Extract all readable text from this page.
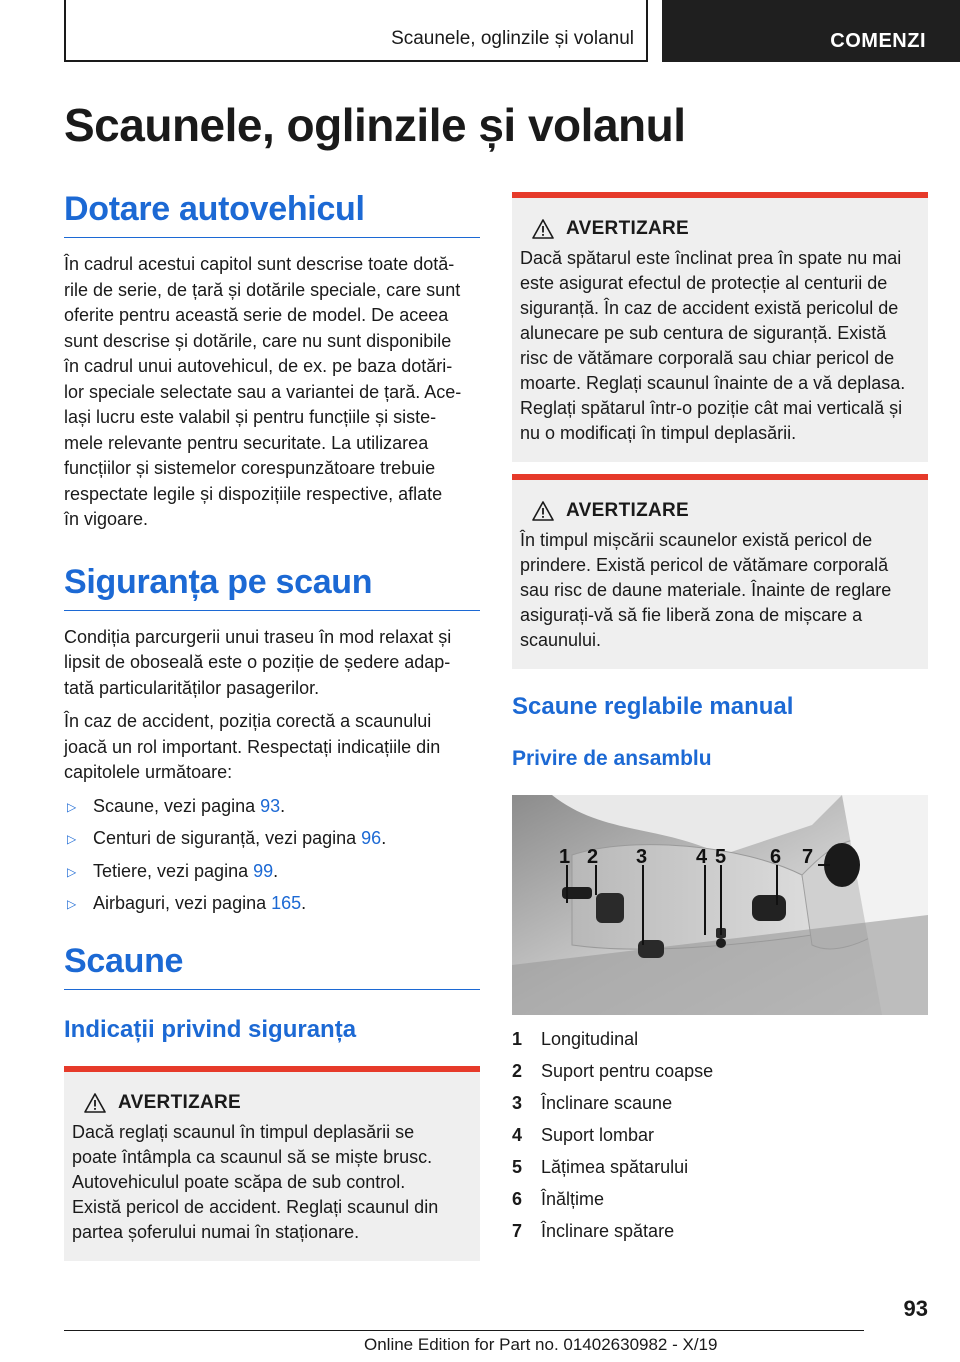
Scaunele, oglinzile și volanul	COMENZI
Scaunele, oglinzile și volanul
Dotare autovehicul

În cadrul acestui capitol sunt descrise toate dotă‐
rile de serie, de țară și dotările speciale, care sunt
oferite pentru această serie de model. De aceea
sunt descrise și dotările, care nu sunt disponibile
în cadrul unui autovehicul, de ex. pe baza dotări‐
lor speciale selectate sau a variantei de țară. Ace‐
lași lucru este valabil și pentru funcțiile și siste‐
mele relevante pentru securitate. La utilizarea
funcțiilor și sistemelor corespunzătoare trebuie
respectate legile și dispozițiile respective, aflate
în vigoare.

Siguranța pe scaun

Condiția parcurgerii unui traseu în mod relaxat și
lipsit de oboseală este o poziție de ședere adap‐
tată particularităților pasagerilor.

În caz de accident, poziția corectă a scaunului
joacă un rol important. Respectați indicațiile din
capitolele următoare:

▷ Scaune, vezi pagina 93.
▷ Centuri de siguranță, vezi pagina 96.
▷ Tetiere, vezi pagina 99.
▷ Airbaguri, vezi pagina 165.
Scaune
Indicații privind siguranța
AVERTIZARE

Dacă reglați scaunul în timpul deplasării se
poate întâmpla ca scaunul să se miște brusc.
Autovehiculul poate scăpa de sub control.
Există pericol de accident. Reglați scaunul din
partea șoferului numai în staționare.

AVERTIZARE

Dacă spătarul este înclinat prea în spate nu mai
este asigurat efectul de protecție al centurii de
siguranță. În caz de accident există pericolul de
alunecare pe sub centura de siguranță. Există
risc de vătămare corporală sau chiar pericol de
moarte. Reglați scaunul înainte de a vă deplasa.
Reglați spătarul într-o poziție cât mai verticală și
nu o modificați în timpul deplasării.

AVERTIZARE

În timpul mișcării scaunelor există pericol de
prindere. Există pericol de vătămare corporală
sau risc de daune materiale. Înainte de reglare
asigurați-vă să fie liberă zona de mișcare a
scaunului.

Scaune reglabile manual
Privire de ansamblu
1 2 3 4 5 6 7
1	Longitudinal
2	Suport pentru coapse
3	Înclinare scaune
4	Suport lombar
5	Lățimea spătarului
6	Înălțime
7	Înclinare spătare
93
Online Edition for Part no. 01402630982 - X/19
